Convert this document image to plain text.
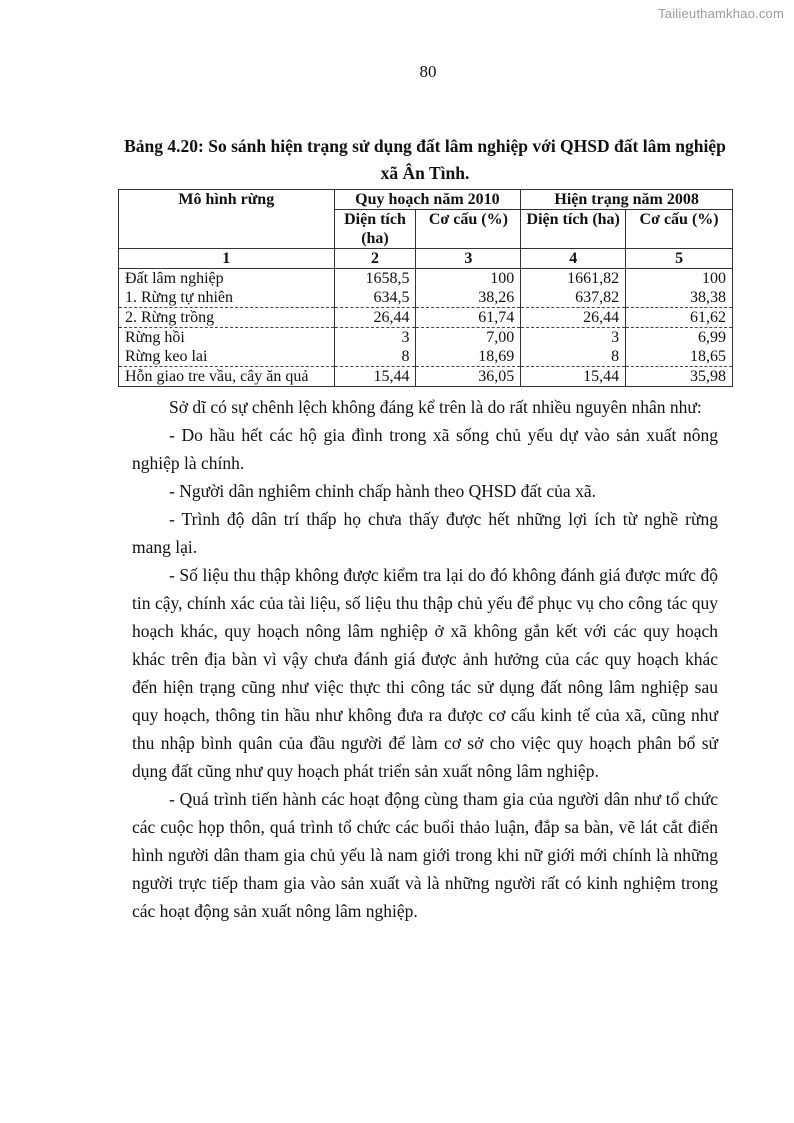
Tailieuthamkhao.com
80
Bảng 4.20: So sánh hiện trạng sử dụng đất lâm nghiệp với QHSD đất lâm nghiệp xã Ân Tình.
Mô hình rừng	Quy hoạch năm 2010		Hiện trạng năm 2008	
	Diện tích (ha)	Cơ cấu (%)	Diện tích (ha)	Cơ cấu (%)
1	2	3	4	5
Đất lâm nghiệp	1658,5	100	1661,82	100
1. Rừng tự nhiên	634,5	38,26	637,82	38,38
2. Rừng trồng	26,44	61,74	26,44	61,62
Rừng hồi	3	7,00	3	6,99
Rừng keo lai	8	18,69	8	18,65
Hỗn giao tre vầu, cây ăn quả	15,44	36,05	15,44	35,98

Sở dĩ có sự chênh lệch không đáng kể trên là do rất nhiều nguyên nhân như:

- Do hầu hết các hộ gia đình trong xã sống chủ yếu dự vào sản xuất nông nghiệp là chính.

- Người dân nghiêm chỉnh chấp hành theo QHSD đất của xã.

- Trình độ dân trí thấp họ chưa thấy được hết những lợi ích từ nghề rừng mang lại.

- Số liệu thu thập không được kiểm tra lại do đó không đánh giá được mức độ tin cậy, chính xác của tài liệu, số liệu thu thập chủ yếu để phục vụ cho công tác quy hoạch khác, quy hoạch nông lâm nghiệp ở xã không gắn kết với các quy hoạch khác trên địa bàn vì vậy chưa đánh giá được ảnh hưởng của các quy hoạch khác đến hiện trạng cũng như việc thực thi công tác sử dụng đất nông lâm nghiệp sau quy hoạch, thông tin hầu như không đưa ra được cơ cấu kinh tế của xã, cũng như thu nhập bình quân của đầu người để làm cơ sở cho việc quy hoạch phân bổ sử dụng đất cũng như quy hoạch phát triển sản xuất nông lâm nghiệp.

- Quá trình tiến hành các hoạt động cùng tham gia của người dân như tổ chức các cuộc họp thôn, quá trình tổ chức các buổi thảo luận, đắp sa bàn, vẽ lát cắt điển hình người dân tham gia chủ yếu là nam giới trong khi nữ giới mới chính là những người trực tiếp tham gia vào sản xuất và là những người rất có kinh nghiệm trong các hoạt động sản xuất nông lâm nghiệp.
